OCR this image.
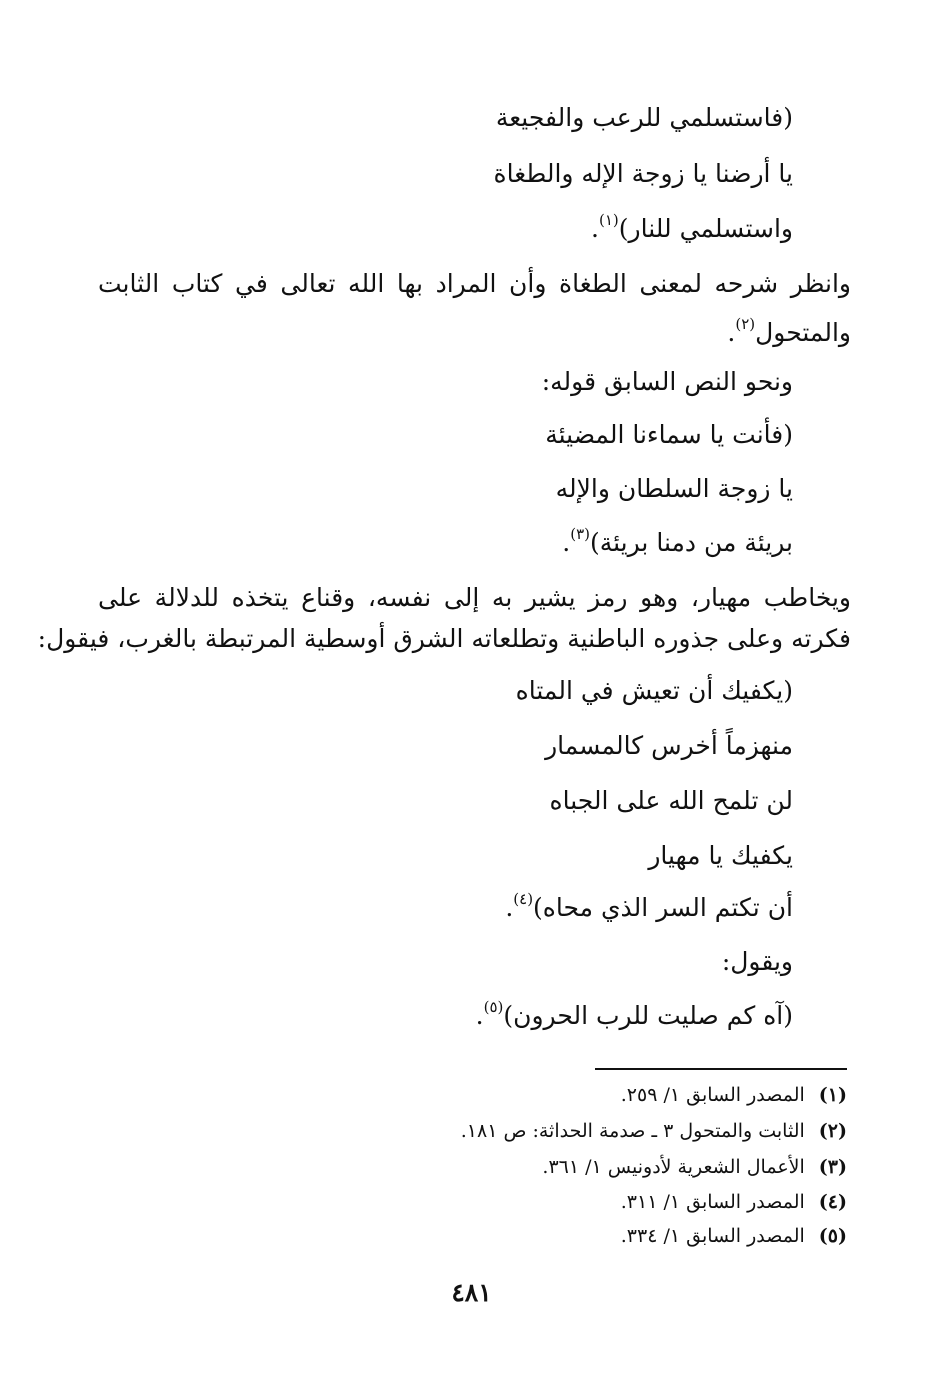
(فاستسلمي للرعب والفجيعة
يا أرضنا يا زوجة الإله والطغاة
واستسلمي للنار)$^{(١)}$.
وانظر شرحه لمعنى الطغاة وأن المراد بها الله تعالى في كتاب الثابت
والمتحول$^{(٢)}$.
ونحو النص السابق قوله:
(فأنت يا سماءنا المضيئة
يا زوجة السلطان والإله
بريئة من دمنا بريئة)$^{(٣)}$.
ويخاطب مهيار، وهو رمز يشير به إلى نفسه، وقناع يتخذه للدلالة على
فكرته وعلى جذوره الباطنية وتطلعاته الشرق أوسطية المرتبطة بالغرب، فيقول:
(يكفيك أن تعيش في المتاه
منهزماً أخرس كالمسمار
لن تلمح الله على الجباه
يكفيك يا مهيار
أن تكتم السر الذي محاه)$^{(٤)}$.
ويقول:
(آه كم صليت للرب الحرون)$^{(٥)}$.
(١)المصدر السابق ١/ ٢٥٩.
(٢)الثابت والمتحول ٣ ـ صدمة الحداثة: ص ١٨١.
(٣)الأعمال الشعرية لأدونيس ١/ ٣٦١.
(٤)المصدر السابق ١/ ٣١١.
(٥)المصدر السابق ١/ ٣٣٤.
٤٨١
